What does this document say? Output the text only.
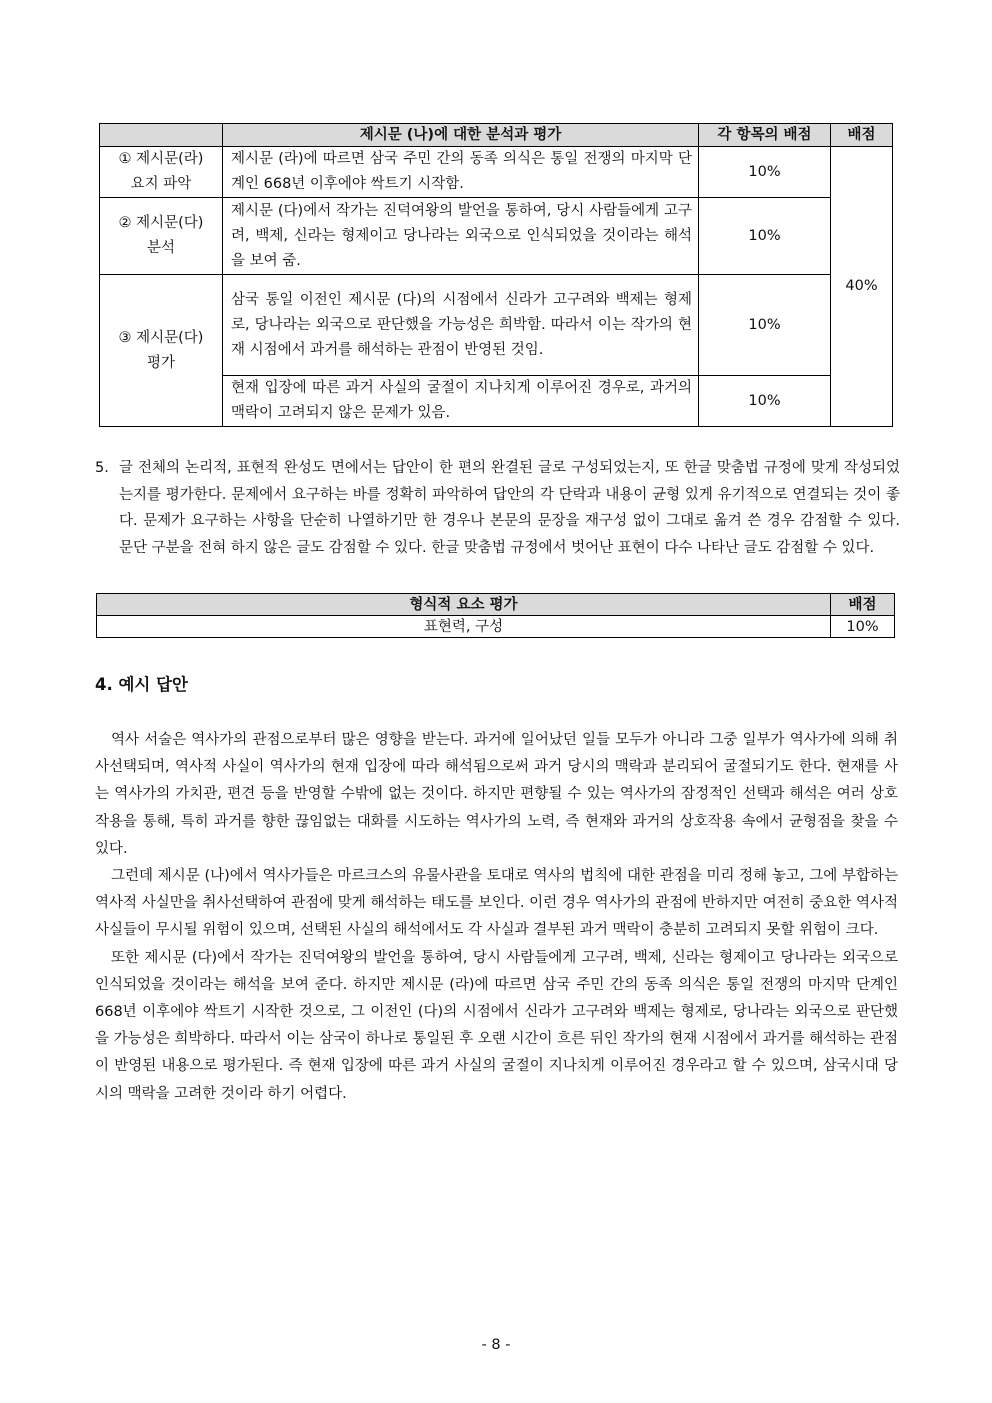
	제시문 (나)에 대한 분석과 평가	각 항목의 배점	배점
① 제시문(라)
요지 파악	제시문 (라)에 따르면 삼국 주민 간의 동족 의식은 통일 전쟁의 마지막 단계인 668년 이후에야 싹트기 시작함.	10%	40%
② 제시문(다)
분석	제시문 (다)에서 작가는 진덕여왕의 발언을 통하여, 당시 사람들에게 고구려, 백제, 신라는 형제이고 당나라는 외국으로 인식되었을 것이라는 해석을 보여 줌.	10%	
③ 제시문(다)
평가	삼국 통일 이전인 제시문 (다)의 시점에서 신라가 고구려와 백제는 형제로, 당나라는 외국으로 판단했을 가능성은 희박함. 따라서 이는 작가의 현재 시점에서 과거를 해석하는 관점이 반영된 것임.	10%	
	현재 입장에 따른 과거 사실의 굴절이 지나치게 이루어진 경우로, 과거의 맥락이 고려되지 않은 문제가 있음.	10%	
5. 글 전체의 논리적, 표현적 완성도 면에서는 답안이 한 편의 완결된 글로 구성되었는지, 또 한글 맞춤법 규정에 맞게 작성되었는지를 평가한다. 문제에서 요구하는 바를 정확히 파악하여 답안의 각 단락과 내용이 균형 있게 유기적으로 연결되는 것이 좋다. 문제가 요구하는 사항을 단순히 나열하기만 한 경우나 본문의 문장을 재구성 없이 그대로 옮겨 쓴 경우 감점할 수 있다. 문단 구분을 전혀 하지 않은 글도 감점할 수 있다. 한글 맞춤법 규정에서 벗어난 표현이 다수 나타난 글도 감점할 수 있다.
형식적 요소 평가	배점
표현력, 구성	10%
4. 예시 답안

역사 서술은 역사가의 관점으로부터 많은 영향을 받는다. 과거에 일어났던 일들 모두가 아니라 그중 일부가 역사가에 의해 취사선택되며, 역사적 사실이 역사가의 현재 입장에 따라 해석됨으로써 과거 당시의 맥락과 분리되어 굴절되기도 한다. 현재를 사는 역사가의 가치관, 편견 등을 반영할 수밖에 없는 것이다. 하지만 편향될 수 있는 역사가의 잠정적인 선택과 해석은 여러 상호작용을 통해, 특히 과거를 향한 끊임없는 대화를 시도하는 역사가의 노력, 즉 현재와 과거의 상호작용 속에서 균형점을 찾을 수 있다.

그런데 제시문 (나)에서 역사가들은 마르크스의 유물사관을 토대로 역사의 법칙에 대한 관점을 미리 정해 놓고, 그에 부합하는 역사적 사실만을 취사선택하여 관점에 맞게 해석하는 태도를 보인다. 이런 경우 역사가의 관점에 반하지만 여전히 중요한 역사적 사실들이 무시될 위험이 있으며, 선택된 사실의 해석에서도 각 사실과 결부된 과거 맥락이 충분히 고려되지 못할 위험이 크다.

또한 제시문 (다)에서 작가는 진덕여왕의 발언을 통하여, 당시 사람들에게 고구려, 백제, 신라는 형제이고 당나라는 외국으로 인식되었을 것이라는 해석을 보여 준다. 하지만 제시문 (라)에 따르면 삼국 주민 간의 동족 의식은 통일 전쟁의 마지막 단계인 668년 이후에야 싹트기 시작한 것으로, 그 이전인 (다)의 시점에서 신라가 고구려와 백제는 형제로, 당나라는 외국으로 판단했을 가능성은 희박하다. 따라서 이는 삼국이 하나로 통일된 후 오랜 시간이 흐른 뒤인 작가의 현재 시점에서 과거를 해석하는 관점이 반영된 내용으로 평가된다. 즉 현재 입장에 따른 과거 사실의 굴절이 지나치게 이루어진 경우라고 할 수 있으며, 삼국시대 당시의 맥락을 고려한 것이라 하기 어렵다.

- 8 -
